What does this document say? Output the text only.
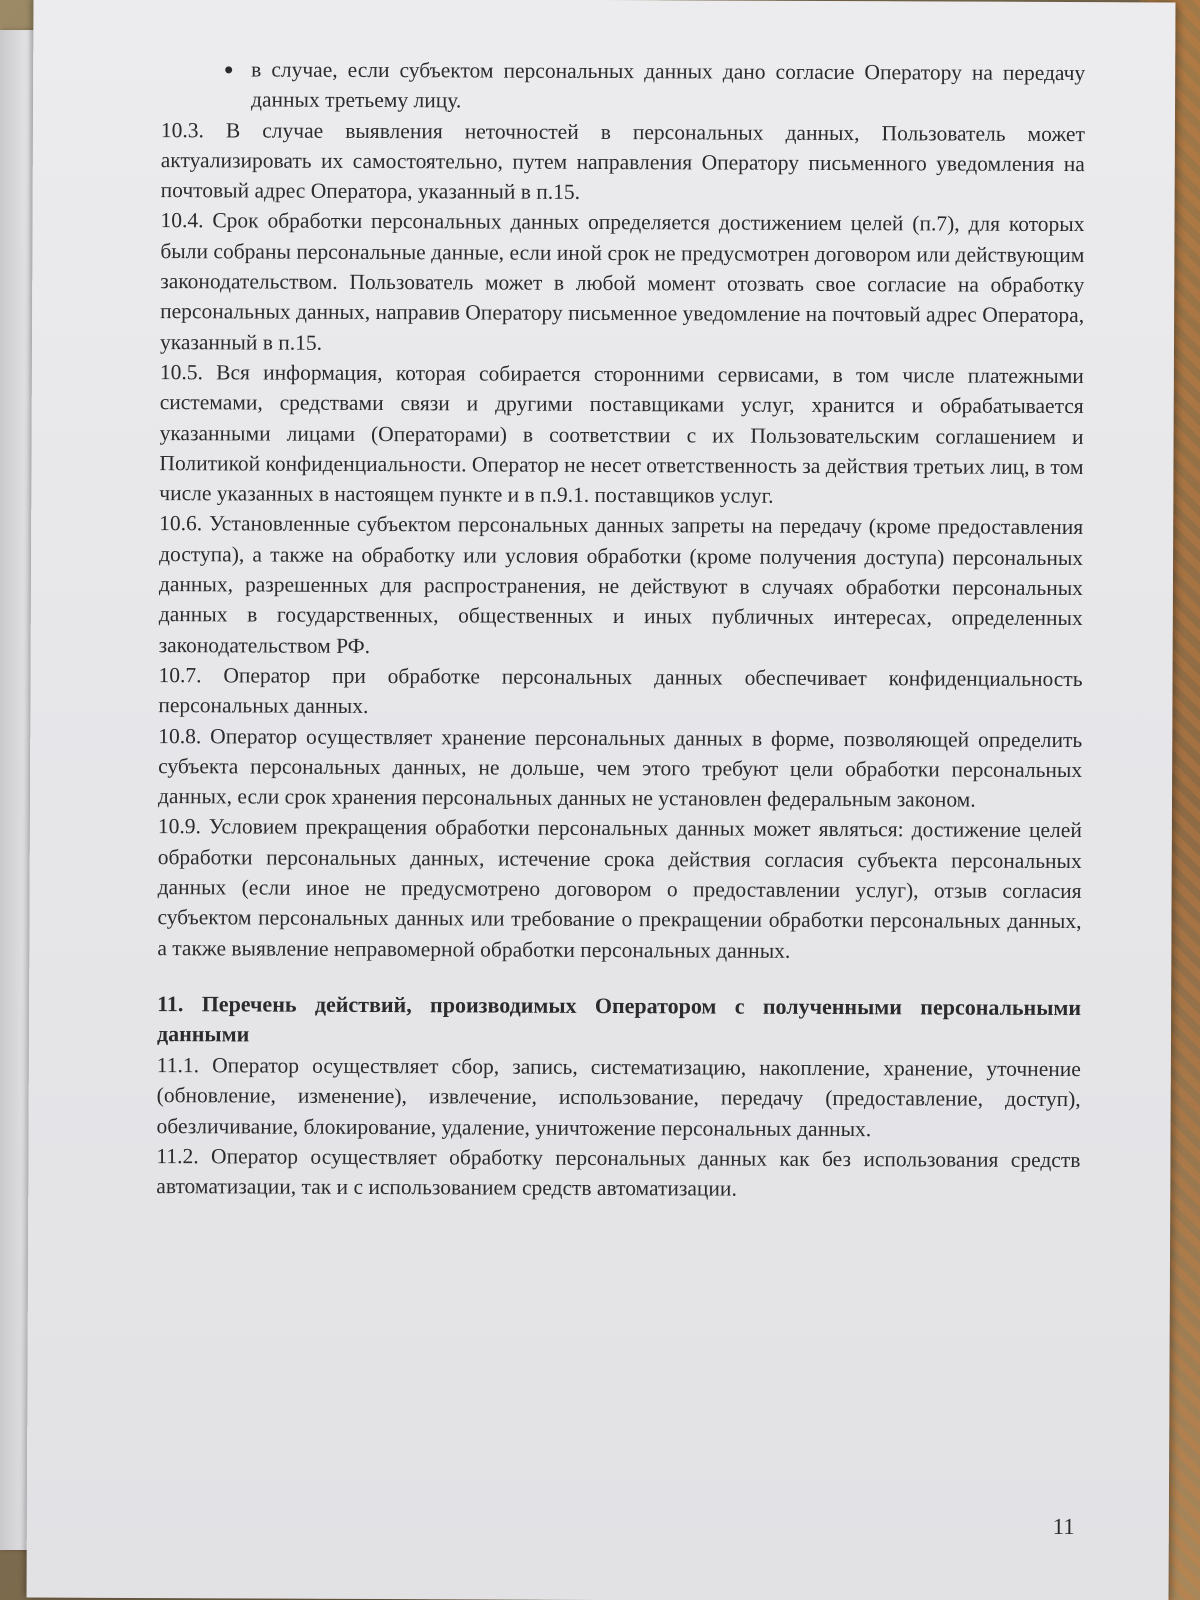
в случае, если субъектом персональных данных дано согласие Оператору на передачу данных третьему лицу.

10.3. В случае выявления неточностей в персональных данных, Пользователь может актуализировать их самостоятельно, путем направления Оператору письменного уведомления на почтовый адрес Оператора, указанный в п.15.

10.4. Срок обработки персональных данных определяется достижением целей (п.7), для которых были собраны персональные данные, если иной срок не предусмотрен договором или действующим законодательством. Пользователь может в любой момент отозвать свое согласие на обработку персональных данных, направив Оператору письменное уведомление на почтовый адрес Оператора, указанный в п.15.

10.5. Вся информация, которая собирается сторонними сервисами, в том числе платежными системами, средствами связи и другими поставщиками услуг, хранится и обрабатывается указанными лицами (Операторами) в соответствии с их Пользовательским соглашением и Политикой конфиденциальности. Оператор не несет ответственность за действия третьих лиц, в том числе указанных в настоящем пункте и в п.9.1. поставщиков услуг.

10.6. Установленные субъектом персональных данных запреты на передачу (кроме предоставления доступа), а также на обработку или условия обработки (кроме получения доступа) персональных данных, разрешенных для распространения, не действуют в случаях обработки персональных данных в государственных, общественных и иных публичных интересах, определенных законодательством РФ.

10.7. Оператор при обработке персональных данных обеспечивает конфиденциальность персональных данных.

10.8. Оператор осуществляет хранение персональных данных в форме, позволяющей определить субъекта персональных данных, не дольше, чем этого требуют цели обработки персональных данных, если срок хранения персональных данных не установлен федеральным законом.

10.9. Условием прекращения обработки персональных данных может являться: достижение целей обработки персональных данных, истечение срока действия согласия субъекта персональных данных (если иное не предусмотрено договором о предоставлении услуг), отзыв согласия субъектом персональных данных или требование о прекращении обработки персональных данных, а также выявление неправомерной обработки персональных данных.

11. Перечень действий, производимых Оператором с полученными персональными данными

11.1. Оператор осуществляет сбор, запись, систематизацию, накопление, хранение, уточнение (обновление, изменение), извлечение, использование, передачу (предоставление, доступ), обезличивание, блокирование, удаление, уничтожение персональных данных.

11.2. Оператор осуществляет обработку персональных данных как без использования средств автоматизации, так и с использованием средств автоматизации.

11
